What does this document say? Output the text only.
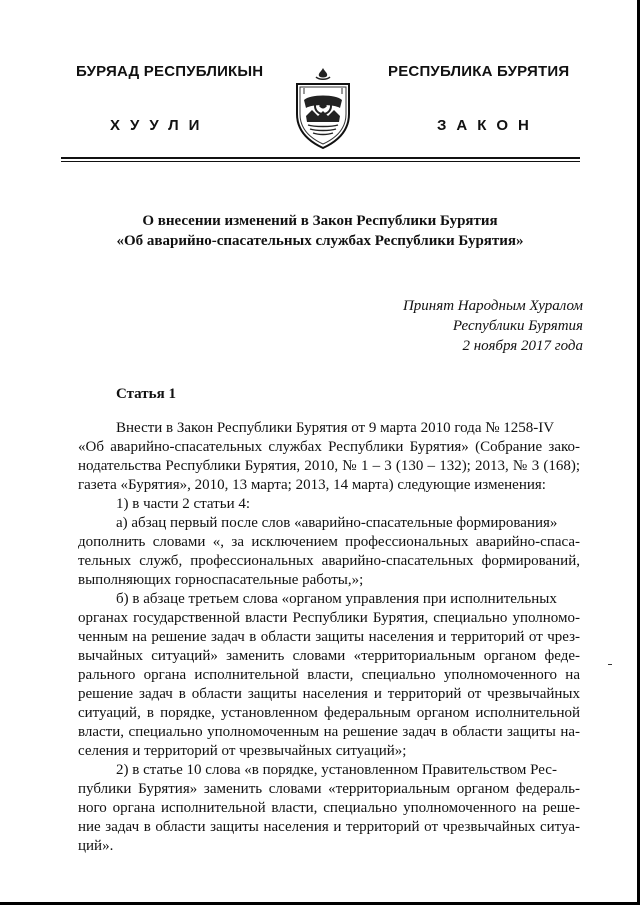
БУРЯАД РЕСПУБЛИКЫН
ХУУЛИ
РЕСПУБЛИКА БУРЯТИЯ
ЗАКОН
О внесении изменений в Закон Республики Бурятия
«Об аварийно-спасательных службах Республики Бурятия»
Принят Народным Хуралом
Республики Бурятия
2 ноября 2017 года
Статья 1
Внести в Закон Республики Бурятия от 9 марта 2010 года № 1258-IV
«Об аварийно-спасательных службах Республики Бурятия» (Собрание зако-
нодательства Республики Бурятия, 2010, № 1 – 3 (130 – 132); 2013, № 3 (168);
газета «Бурятия», 2010, 13 марта; 2013, 14 марта) следующие изменения:
1) в части 2 статьи 4:
а) абзац первый после слов «аварийно-спасательные формирования»
дополнить словами «, за исключением профессиональных аварийно-спаса-
тельных служб, профессиональных аварийно-спасательных формирований,
выполняющих горноспасательные работы,»;
б) в абзаце третьем слова «органом управления при исполнительных
органах государственной власти Республики Бурятия, специально уполномо-
ченным на решение задач в области защиты населения и территорий от чрез-
вычайных ситуаций» заменить словами «территориальным органом феде-
рального органа исполнительной власти, специально уполномоченного на
решение задач в области защиты населения и территорий от чрезвычайных
ситуаций, в порядке, установленном федеральным органом исполнительной
власти, специально уполномоченным на решение задач в области защиты на-
селения и территорий от чрезвычайных ситуаций»;
2) в статье 10 слова «в порядке, установленном Правительством Рес-
публики Бурятия» заменить словами «территориальным органом федераль-
ного органа исполнительной власти, специально уполномоченного на реше-
ние задач в области защиты населения и территорий от чрезвычайных ситуа-
ций».
